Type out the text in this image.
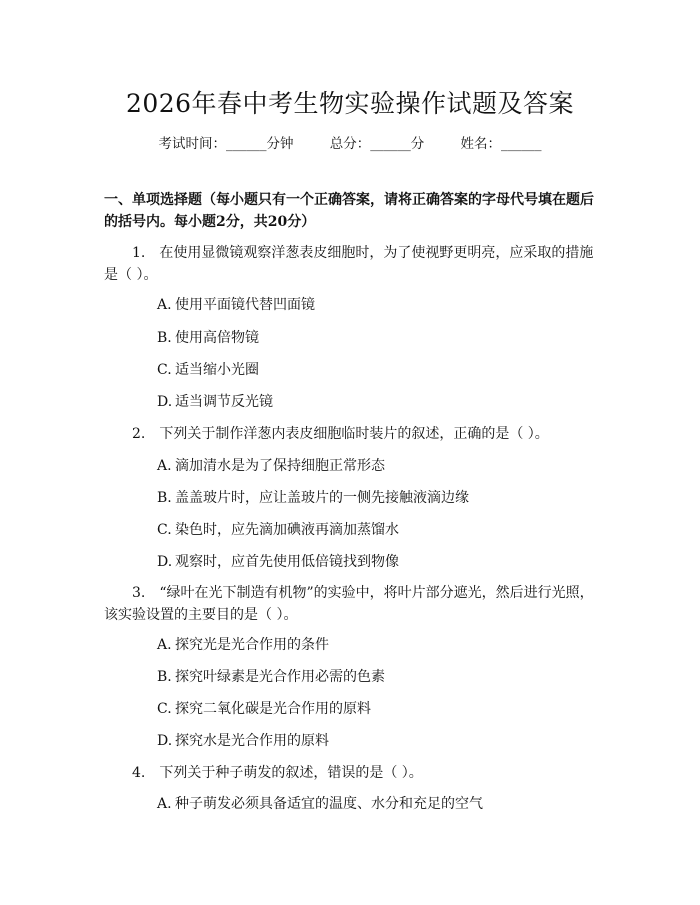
2026年春中考生物实验操作试题及答案
考试时间：______分钟	总分：______分	姓名：______
一、单项选择题（每小题只有一个正确答案，请将正确答案的字母代号填在题后的括号内。每小题2分，共20分）
1.　在使用显微镜观察洋葱表皮细胞时，为了使视野更明亮，应采取的措施是（ ）。
A. 使用平面镜代替凹面镜
B. 使用高倍物镜
C. 适当缩小光圈
D. 适当调节反光镜
2.　下列关于制作洋葱内表皮细胞临时装片的叙述，正确的是（ ）。
A. 滴加清水是为了保持细胞正常形态
B. 盖盖玻片时，应让盖玻片的一侧先接触液滴边缘
C. 染色时，应先滴加碘液再滴加蒸馏水
D. 观察时，应首先使用低倍镜找到物像
3.　“绿叶在光下制造有机物”的实验中，将叶片部分遮光，然后进行光照，该实验设置的主要目的是（ ）。
A. 探究光是光合作用的条件
B. 探究叶绿素是光合作用必需的色素
C. 探究二氧化碳是光合作用的原料
D. 探究水是光合作用的原料
4.　下列关于种子萌发的叙述，错误的是（ ）。
A. 种子萌发必须具备适宜的温度、水分和充足的空气
